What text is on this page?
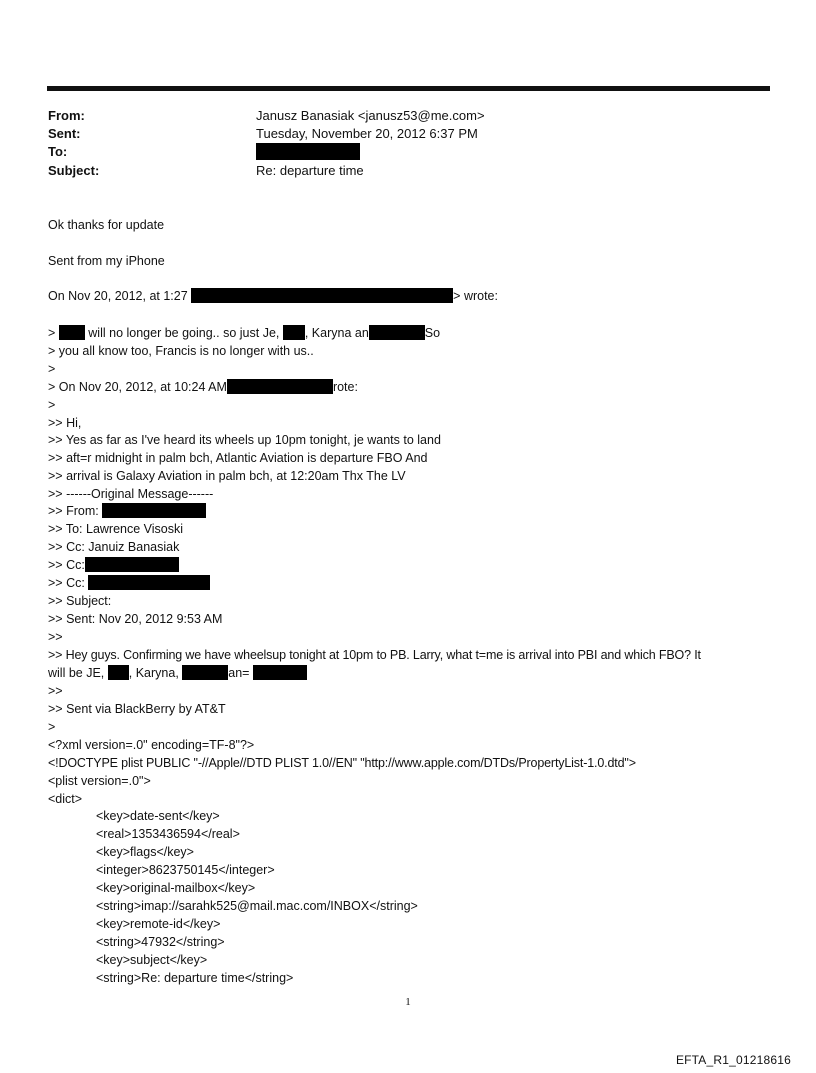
From:	Janusz Banasiak <janusz53@me.com>
Sent:	Tuesday, November 20, 2012 6:37 PM
To:
Subject:	Re: departure time
Ok thanks for update
Sent from my iPhone
On Nov 20, 2012, at 1:27	> wrote:
>	will no longer be going.. so just Je, , Karyna an	So
> you all know too, Francis is no longer with us..
>
> On Nov 20, 2012, at 10:24 AM	rote:
>
>> Hi,
>> Yes as far as I've heard its wheels up 10pm tonight, je wants to land
>> aft=r midnight in palm bch, Atlantic Aviation is departure FBO And
>> arrival is Galaxy Aviation in palm bch, at 12:20am Thx The LV
>> ------Original Message------
>> From:
>> To: Lawrence Visoski
>> Cc: Januiz Banasiak
>> Cc:
>> Cc:
>> Subject:
>> Sent: Nov 20, 2012 9:53 AM
>>
>> Hey guys. Confirming we have wheelsup tonight at 10pm to PB. Larry, what t=me is arrival into PBI and which FBO? It
will be JE, , Karyna,	an=
>>
>> Sent via BlackBerry by AT&T
>
<?xml version=.0" encoding=TF-8"?>
<!DOCTYPE plist PUBLIC "-//Apple//DTD PLIST 1.0//EN" "http://www.apple.com/DTDs/PropertyList-1.0.dtd">
<plist version=.0">
<dict>
<key>date-sent</key>
<real>1353436594</real>
<key>flags</key>
<integer>8623750145</integer>
<key>original-mailbox</key>
<string>imap://sarahk525@mail.mac.com/INBOX</string>
<key>remote-id</key>
<string>47932</string>
<key>subject</key>
<string>Re: departure time</string>
1
EFTA_R1_01218616
